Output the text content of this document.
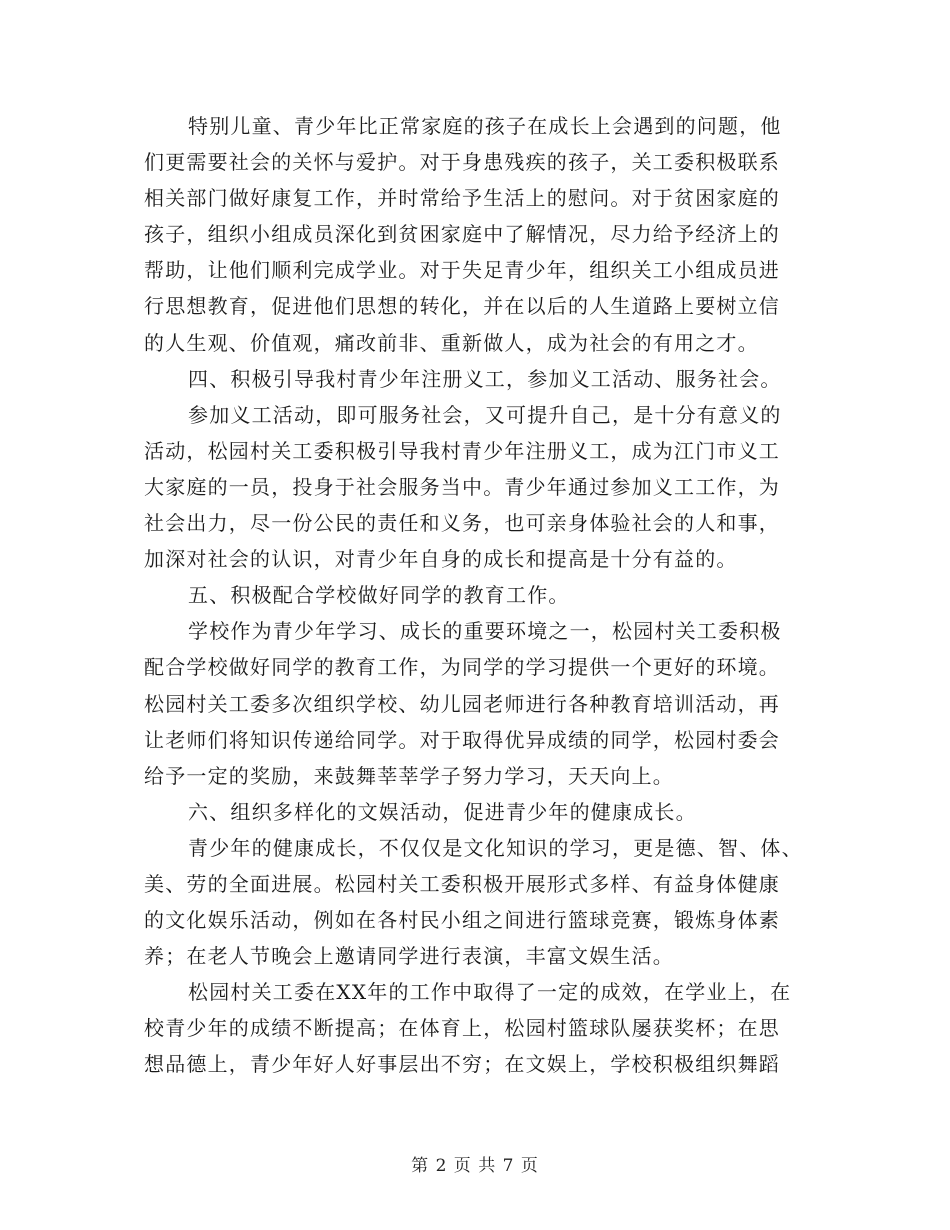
特别儿童、青少年比正常家庭的孩子在成长上会遇到的问题，他
们更需要社会的关怀与爱护。对于身患残疾的孩子，关工委积极联系
相关部门做好康复工作，并时常给予生活上的慰问。对于贫困家庭的
孩子，组织小组成员深化到贫困家庭中了解情况，尽力给予经济上的
帮助，让他们顺利完成学业。对于失足青少年，组织关工小组成员进
行思想教育，促进他们思想的转化，并在以后的人生道路上要树立信
的人生观、价值观，痛改前非、重新做人，成为社会的有用之才。
四、积极引导我村青少年注册义工，参加义工活动、服务社会。
参加义工活动，即可服务社会，又可提升自己，是十分有意义的
活动，松园村关工委积极引导我村青少年注册义工，成为江门市义工
大家庭的一员，投身于社会服务当中。青少年通过参加义工工作，为
社会出力，尽一份公民的责任和义务，也可亲身体验社会的人和事，
加深对社会的认识，对青少年自身的成长和提高是十分有益的。
五、积极配合学校做好同学的教育工作。
学校作为青少年学习、成长的重要环境之一，松园村关工委积极
配合学校做好同学的教育工作，为同学的学习提供一个更好的环境。
松园村关工委多次组织学校、幼儿园老师进行各种教育培训活动，再
让老师们将知识传递给同学。对于取得优异成绩的同学，松园村委会
给予一定的奖励，来鼓舞莘莘学子努力学习，天天向上。
六、组织多样化的文娱活动，促进青少年的健康成长。
青少年的健康成长，不仅仅是文化知识的学习，更是德、智、体、
美、劳的全面进展。松园村关工委积极开展形式多样、有益身体健康
的文化娱乐活动，例如在各村民小组之间进行篮球竞赛，锻炼身体素
养；在老人节晚会上邀请同学进行表演，丰富文娱生活。
松园村关工委在XX年的工作中取得了一定的成效，在学业上，在
校青少年的成绩不断提高；在体育上，松园村篮球队屡获奖杯；在思
想品德上，青少年好人好事层出不穷；在文娱上，学校积极组织舞蹈
第 2 页 共 7 页
